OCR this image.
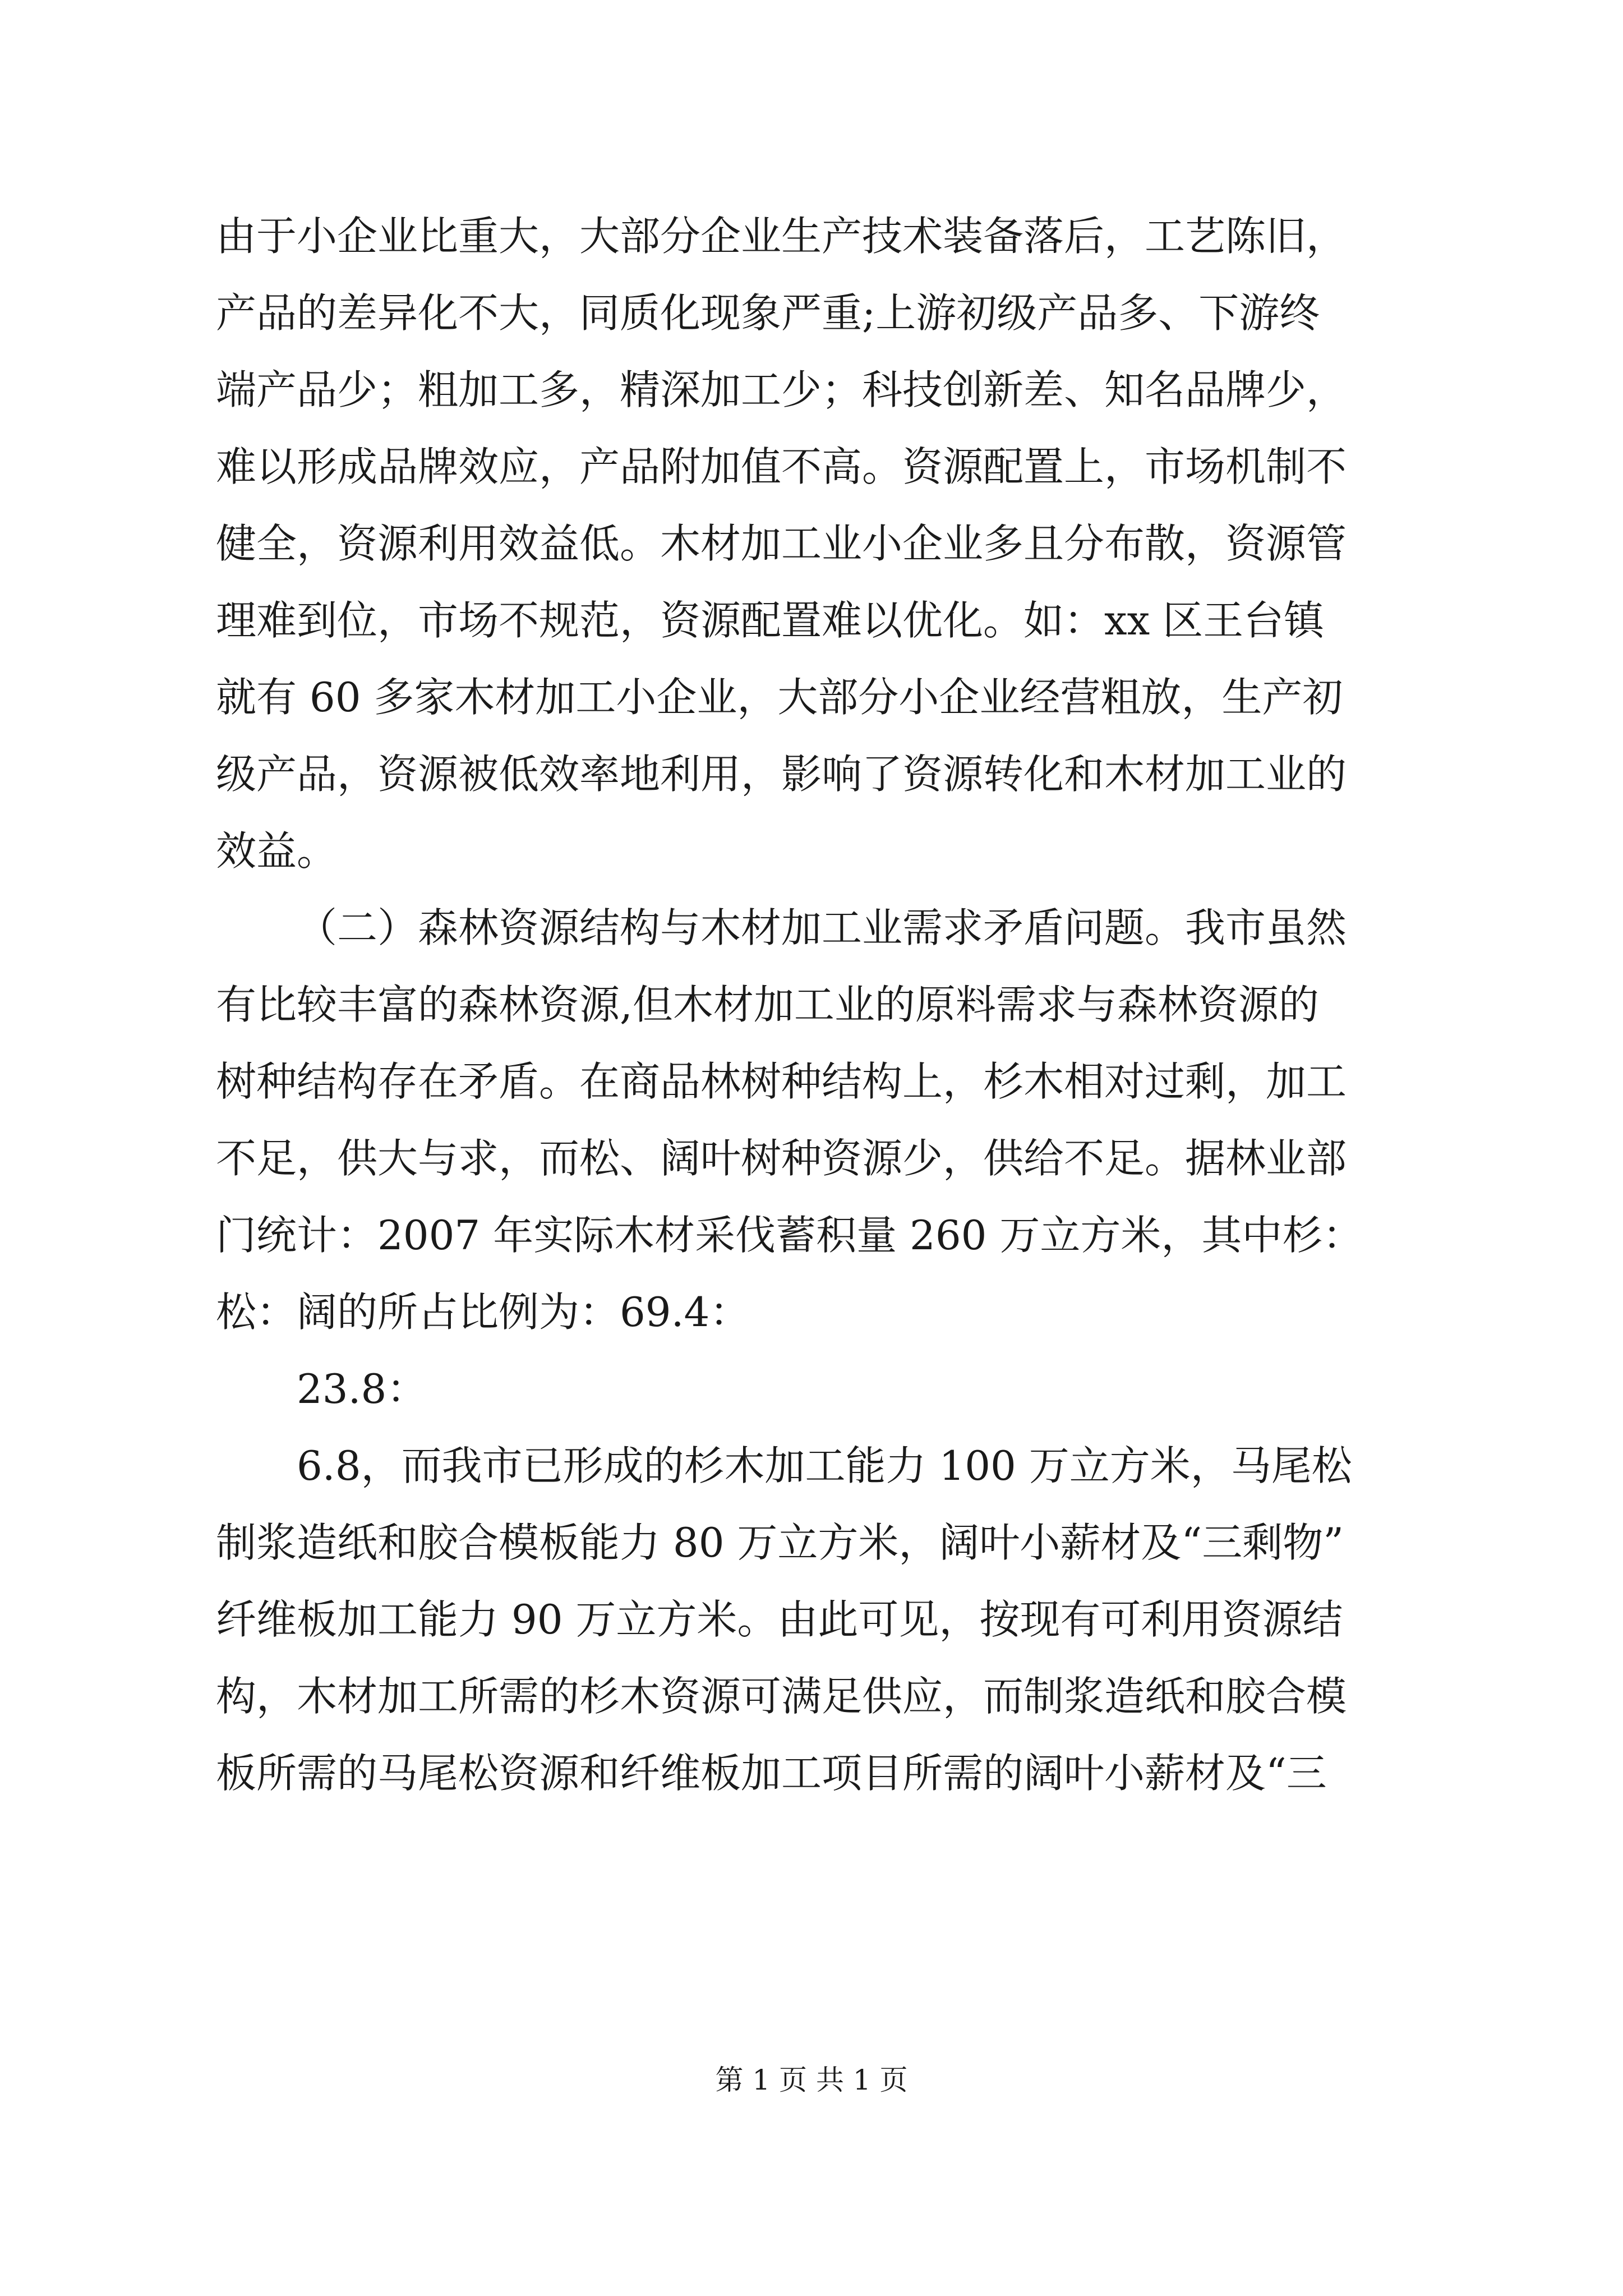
由于小企业比重大，大部分企业生产技术装备落后，工艺陈旧，
产品的差异化不大，同质化现象严重;上游初级产品多、下游终
端产品少；粗加工多，精深加工少；科技创新差、知名品牌少，
难以形成品牌效应，产品附加值不高。资源配置上，市场机制不
健全，资源利用效益低。木材加工业小企业多且分布散，资源管
理难到位，市场不规范，资源配置难以优化。如：xx 区王台镇
就有 60 多家木材加工小企业，大部分小企业经营粗放，生产初
级产品，资源被低效率地利用，影响了资源转化和木材加工业的
效益。
（二）森林资源结构与木材加工业需求矛盾问题。我市虽然
有比较丰富的森林资源,但木材加工业的原料需求与森林资源的
树种结构存在矛盾。在商品林树种结构上，杉木相对过剩，加工
不足，供大与求，而松、阔叶树种资源少，供给不足。据林业部
门统计：2007 年实际木材采伐蓄积量 260 万立方米，其中杉：
松：阔的所占比例为：69.4：
23.8：
6.8，而我市已形成的杉木加工能力 100 万立方米，马尾松
制浆造纸和胶合模板能力 80 万立方米，阔叶小薪材及“三剩物”
纤维板加工能力 90 万立方米。由此可见，按现有可利用资源结
构，木材加工所需的杉木资源可满足供应，而制浆造纸和胶合模
板所需的马尾松资源和纤维板加工项目所需的阔叶小薪材及“三
第 1 页 共 1 页
